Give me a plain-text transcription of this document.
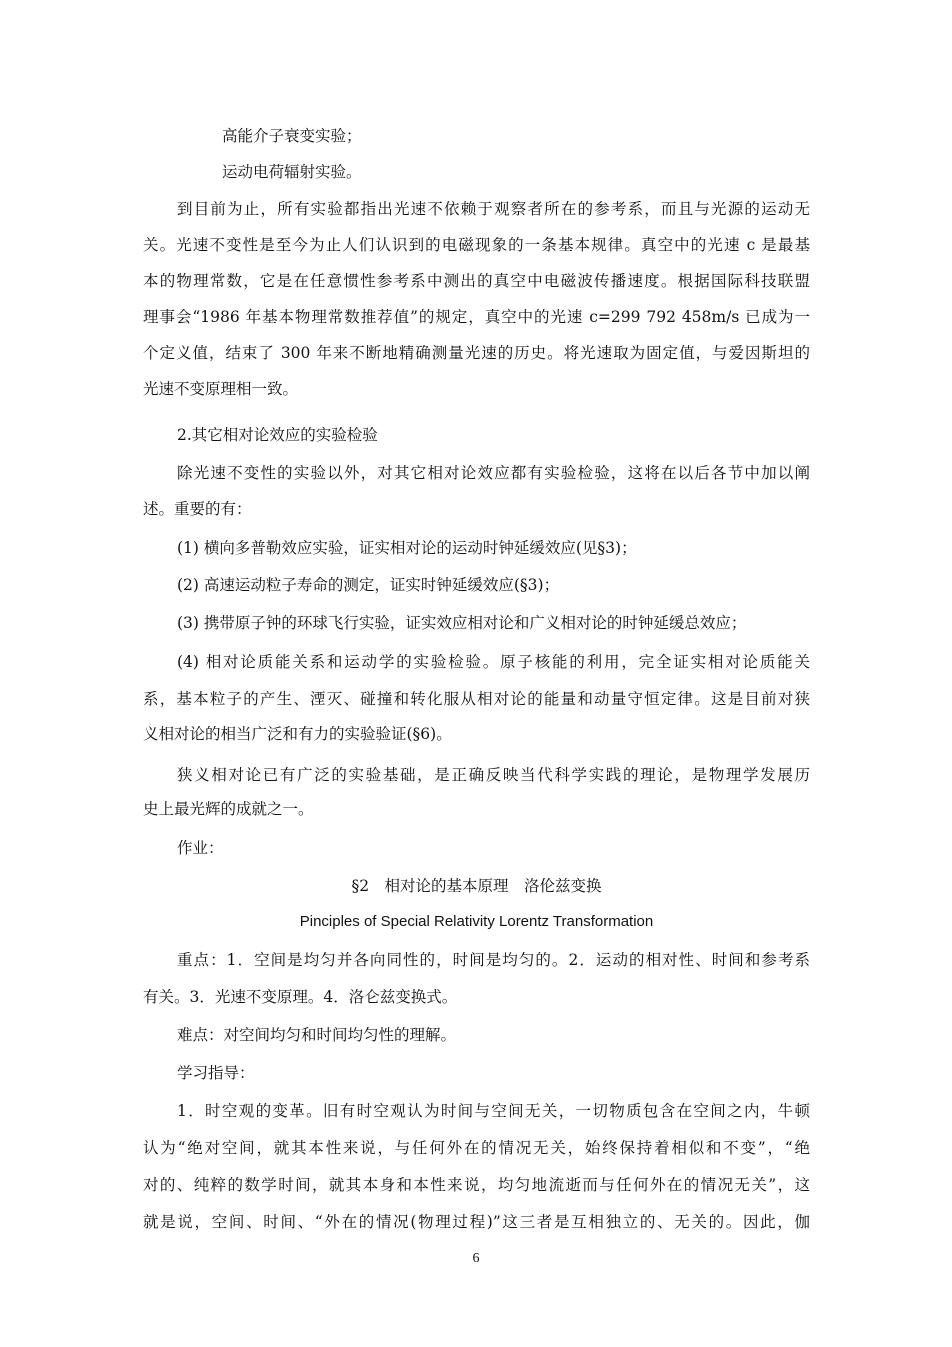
高能介子衰变实验；
运动电荷辐射实验。
到目前为止，所有实验都指出光速不依赖于观察者所在的参考系，而且与光源的运动无
关。光速不变性是至今为止人们认识到的电磁现象的一条基本规律。真空中的光速 c 是最基
本的物理常数，它是在任意惯性参考系中测出的真空中电磁波传播速度。根据国际科技联盟
理事会“1986 年基本物理常数推荐值”的规定，真空中的光速 c=299 792 458m/s 已成为一
个定义值，结束了 300 年来不断地精确测量光速的历史。将光速取为固定值，与爱因斯坦的
光速不变原理相一致。
2.其它相对论效应的实验检验
除光速不变性的实验以外，对其它相对论效应都有实验检验，这将在以后各节中加以阐
述。重要的有：
(1) 横向多普勒效应实验，证实相对论的运动时钟延缓效应(见§3)；
(2) 高速运动粒子寿命的测定，证实时钟延缓效应(§3)；
(3) 携带原子钟的环球飞行实验，证实效应相对论和广义相对论的时钟延缓总效应；
(4) 相对论质能关系和运动学的实验检验。原子核能的利用，完全证实相对论质能关
系，基本粒子的产生、湮灭、碰撞和转化服从相对论的能量和动量守恒定律。这是目前对狭
义相对论的相当广泛和有力的实验验证(§6)。
狭义相对论已有广泛的实验基础，是正确反映当代科学实践的理论，是物理学发展历
史上最光辉的成就之一。
作业：
§2　相对论的基本原理　洛伦兹变换
Pinciples of Special Relativity Lorentz Transformation
重点：1．空间是均匀并各向同性的，时间是均匀的。2．运动的相对性、时间和参考系
有关。3．光速不变原理。4．洛仑兹变换式。
难点：对空间均匀和时间均匀性的理解。
学习指导：
1．时空观的变革。旧有时空观认为时间与空间无关，一切物质包含在空间之内，牛顿
认为“绝对空间，就其本性来说，与任何外在的情况无关，始终保持着相似和不变”，“绝
对的、纯粹的数学时间，就其本身和本性来说，均匀地流逝而与任何外在的情况无关”，这
就是说，空间、时间、“外在的情况(物理过程)”这三者是互相独立的、无关的。因此，伽
6
